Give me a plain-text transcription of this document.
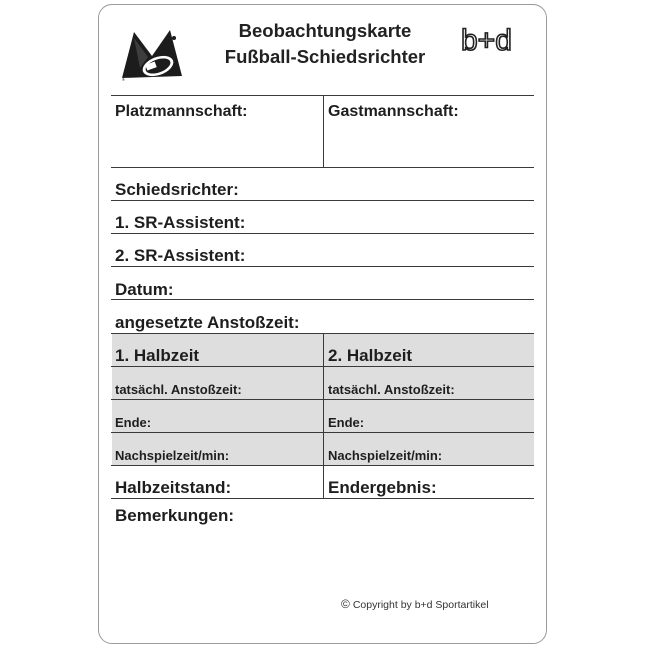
®
Beobachtungskarte
Fußball-Schiedsrichter	b+d
Platzmannschaft:	Gastmannschaft:
Schiedsrichter:
1. SR-Assistent:
2. SR-Assistent:
Datum:
angesetzte Anstoßzeit:
1. Halbzeit	2. Halbzeit
tatsächl. Anstoßzeit:	tatsächl. Anstoßzeit:
Ende:	Ende:
Nachspielzeit/min:	Nachspielzeit/min:
Halbzeitstand:	Endergebnis:
Bemerkungen:
© Copyright by b+d Sportartikel
